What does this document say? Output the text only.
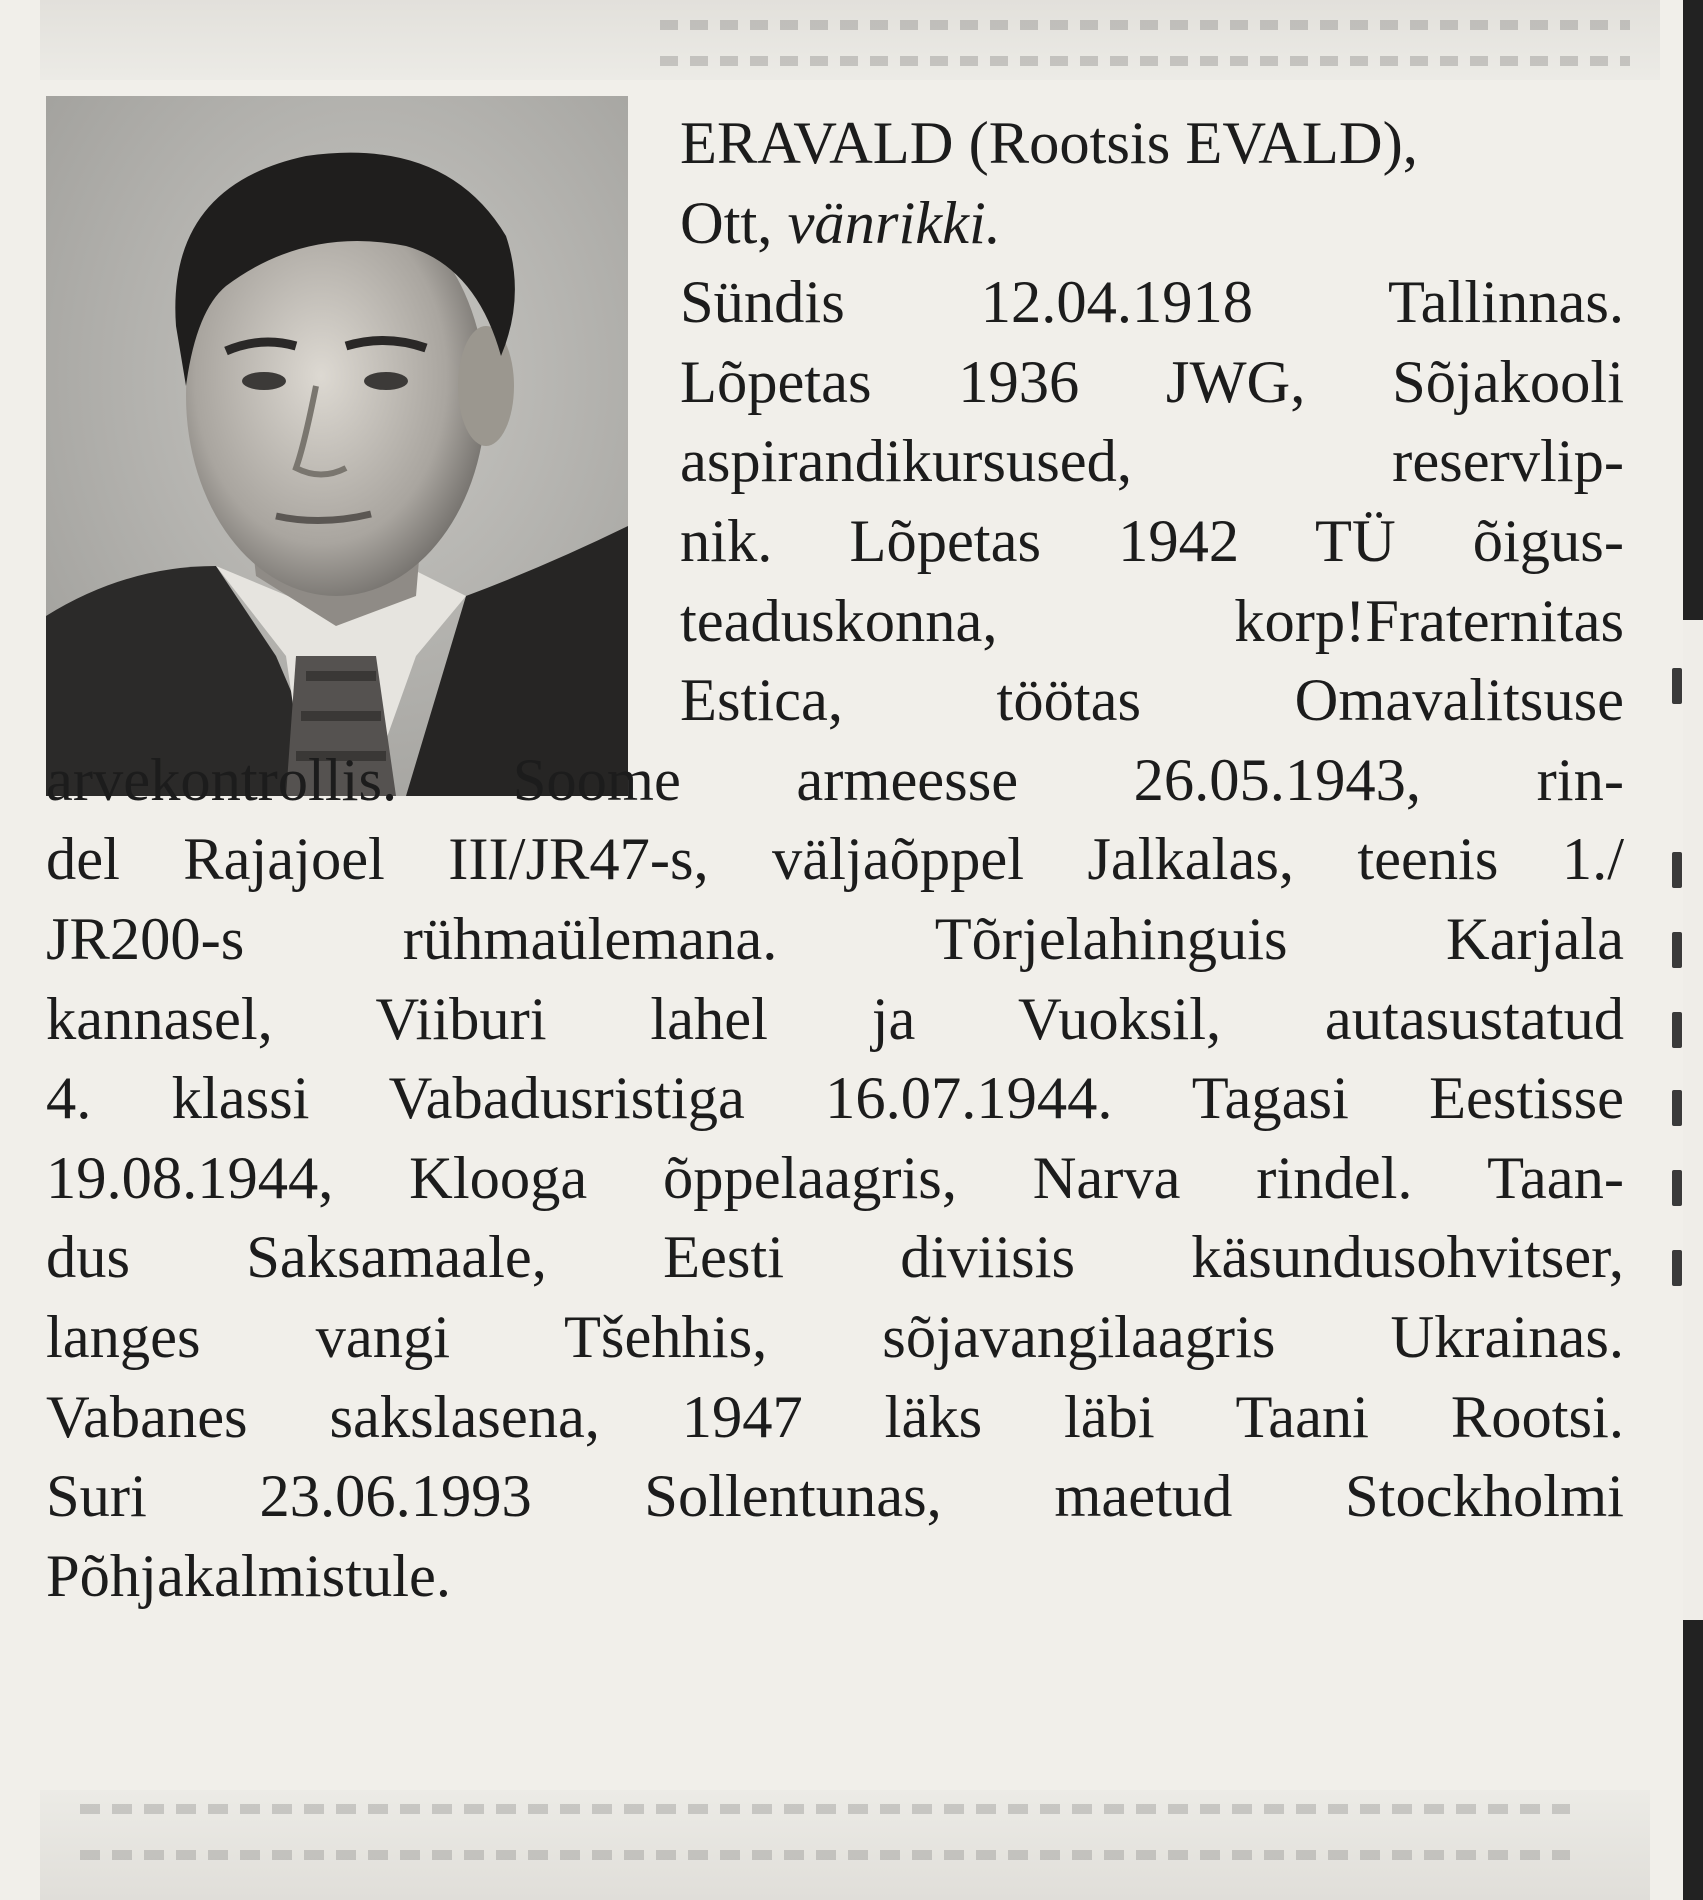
ERAVALD (Rootsis EVALD),
Ott, vänrikki.
Sündis 12.04.1918 Tallinnas.
Lõpetas 1936 JWG, Sõjakooli
aspirandikursused, reservlip-
nik. Lõpetas 1942 TÜ õigus-
teaduskonna, korp!Fraternitas
Estica, töötas Omavalitsuse
arvekontrollis. Soome armeesse 26.05.1943, rin-
del Rajajoel III/JR47-s, väljaõppel Jalkalas, teenis 1./
JR200-s rühmaülemana. Tõrjelahinguis Karjala
kannasel, Viiburi lahel ja Vuoksil, autasustatud
4. klassi Vabadusristiga 16.07.1944. Tagasi Eestisse
19.08.1944, Klooga õppelaagris, Narva rindel. Taan-
dus Saksamaale, Eesti diviisis käsundusohvitser,
langes vangi Tšehhis, sõjavangilaagris Ukrainas.
Vabanes sakslasena, 1947 läks läbi Taani Rootsi.
Suri 23.06.1993 Sollentunas, maetud Stockholmi
Põhjakalmistule.
